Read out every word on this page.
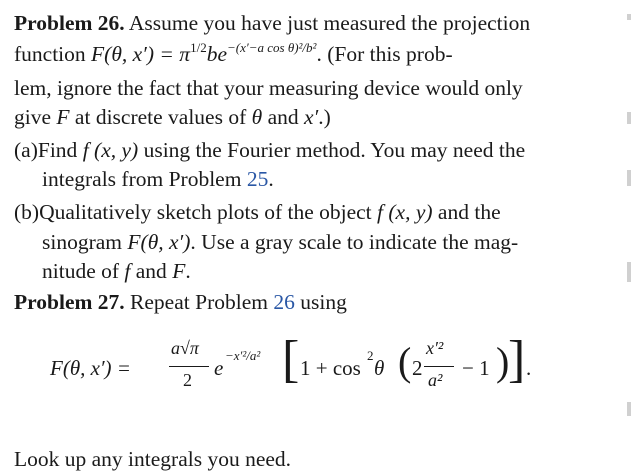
Problem 26. Assume you have just measured the projection
function F(θ, $x') = \pi^{1/2}be^{-(x'-a cos \theta)^2/b^2}$. (For this prob-
lem, ignore the fact that your measuring device would only
give F at discrete values of θ and x′.)
(a)Find f (x, y) using the Fourier method. You may need the
integrals from Problem 25.
(b)Qualitatively sketch plots of the object f (x, y) and the
sinogram F(θ, x′). Use a gray scale to indicate the mag-
nitude of f and F.
Problem 27. Repeat Problem 26 using
F(θ, x′) =
a√π
2 e
−x′²/a² [ 1 + cos
2
θ ( 2
x′²
a² − 1 )
] .
Look up any integrals you need.
